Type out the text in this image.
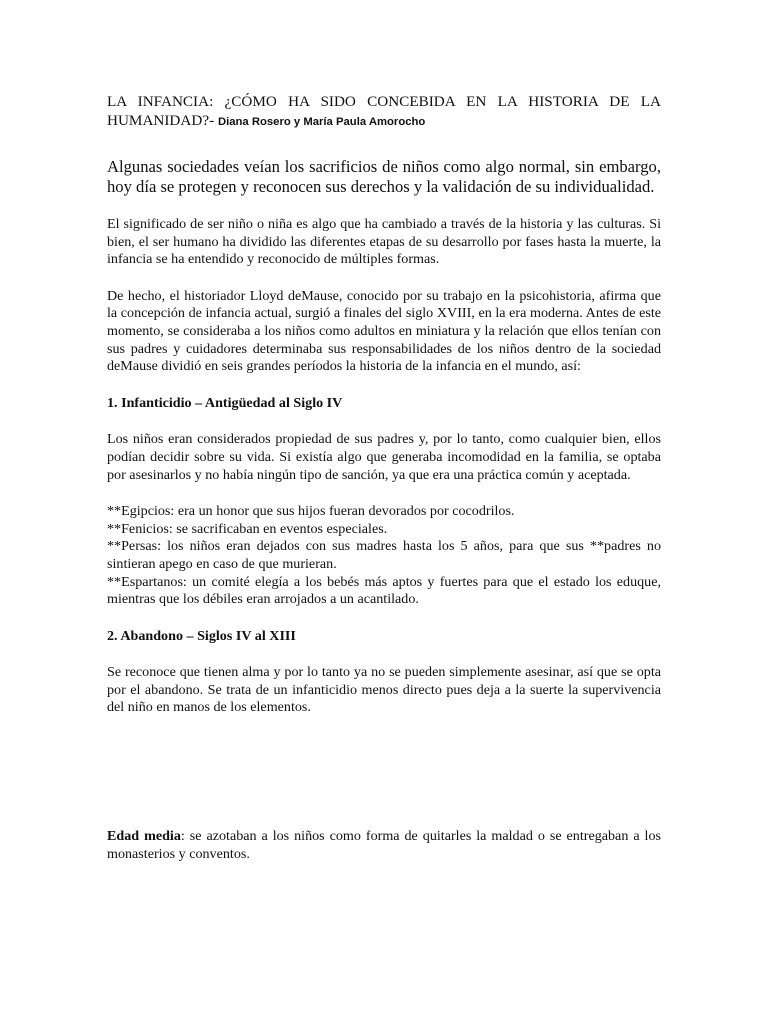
LA INFANCIA: ¿CÓMO HA SIDO CONCEBIDA EN LA HISTORIA DE LA HUMANIDAD?- Diana Rosero y María Paula Amorocho

Algunas sociedades veían los sacrificios de niños como algo normal, sin embargo, hoy día se protegen y reconocen sus derechos y la validación de su individualidad.

El significado de ser niño o niña es algo que ha cambiado a través de la historia y las culturas. Si bien, el ser humano ha dividido las diferentes etapas de su desarrollo por fases hasta la muerte, la infancia se ha entendido y reconocido de múltiples formas.

De hecho, el historiador Lloyd deMause, conocido por su trabajo en la psicohistoria, afirma que la concepción de infancia actual, surgió a finales del siglo XVIII, en la era moderna. Antes de este momento, se consideraba a los niños como adultos en miniatura y la relación que ellos tenían con sus padres y cuidadores determinaba sus responsabilidades de los niños dentro de la sociedad deMause dividió en seis grandes períodos la historia de la infancia en el mundo, así:

1. Infanticidio – Antigüedad al Siglo IV

Los niños eran considerados propiedad de sus padres y, por lo tanto, como cualquier bien, ellos podían decidir sobre su vida. Si existía algo que generaba incomodidad en la familia, se optaba por asesinarlos y no había ningún tipo de sanción, ya que era una práctica común y aceptada.

**Egipcios: era un honor que sus hijos fueran devorados por cocodrilos.

**Fenicios: se sacrificaban en eventos especiales.

**Persas: los niños eran dejados con sus madres hasta los 5 años, para que sus **padres no sintieran apego en caso de que murieran.

**Espartanos: un comité elegía a los bebés más aptos y fuertes para que el estado los eduque, mientras que los débiles eran arrojados a un acantilado.

2. Abandono – Siglos IV al XIII

Se reconoce que tienen alma y por lo tanto ya no se pueden simplemente asesinar, así que se opta por el abandono. Se trata de un infanticidio menos directo pues deja a la suerte la supervivencia del niño en manos de los elementos.

Edad media: se azotaban a los niños como forma de quitarles la maldad o se entregaban a los monasterios y conventos.
